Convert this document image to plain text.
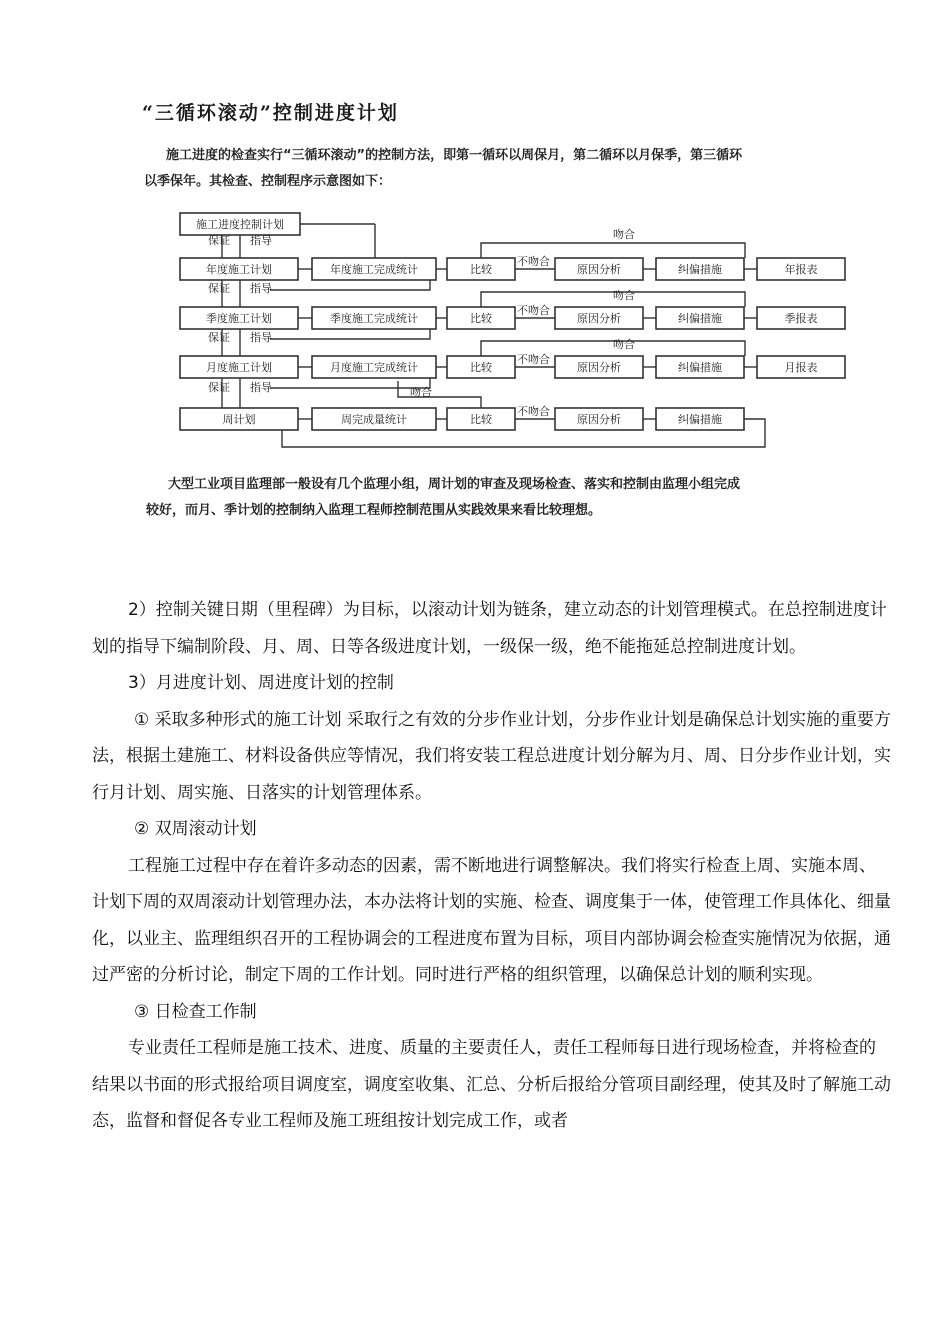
“三循环滚动”控制进度计划

施工进度的检查实行“三循环滚动”的控制方法，即第一循环以周保月，第二循环以月保季，第三循环

以季保年。其检查、控制程序示意图如下：

施工进度控制计划
年度施工计划	年度施工完成统计	比较	原因分析	纠偏措施	年报表
不吻合
吻合
季度施工计划	季度施工完成统计	比较	原因分析	纠偏措施	季报表
不吻合
吻合
月度施工计划	月度施工完成统计	比较	原因分析	纠偏措施	月报表
不吻合
吻合
周计划	周完成量统计	比较	原因分析	纠偏措施
不吻合
吻合
保证 指导
保证 指导
保证 指导
保证 指导

大型工业项目监理部一般设有几个监理小组，周计划的审查及现场检查、落实和控制由监理小组完成

较好，而月、季计划的控制纳入监理工程师控制范围从实践效果来看比较理想。

2）控制关键日期（里程碑）为目标，以滚动计划为链条，建立动态的计划管理模式。在总控制进度计划的指导下编制阶段、月、周、日等各级进度计划，一级保一级，绝不能拖延总控制进度计划。

3）月进度计划、周进度计划的控制

① 采取多种形式的施工计划 采取行之有效的分步作业计划，分步作业计划是确保总计划实施的重要方法，根据土建施工、材料设备供应等情况，我们将安装工程总进度计划分解为月、周、日分步作业计划，实行月计划、周实施、日落实的计划管理体系。

② 双周滚动计划

工程施工过程中存在着许多动态的因素，需不断地进行调整解决。我们将实行检查上周、实施本周、计划下周的双周滚动计划管理办法，本办法将计划的实施、检查、调度集于一体，使管理工作具体化、细量化，以业主、监理组织召开的工程协调会的工程进度布置为目标，项目内部协调会检查实施情况为依据，通过严密的分析讨论，制定下周的工作计划。同时进行严格的组织管理，以确保总计划的顺利实现。

③ 日检查工作制

专业责任工程师是施工技术、进度、质量的主要责任人，责任工程师每日进行现场检查，并将检查的结果以书面的形式报给项目调度室，调度室收集、汇总、分析后报给分管项目副经理，使其及时了解施工动态，监督和督促各专业工程师及施工班组按计划完成工作，或者
